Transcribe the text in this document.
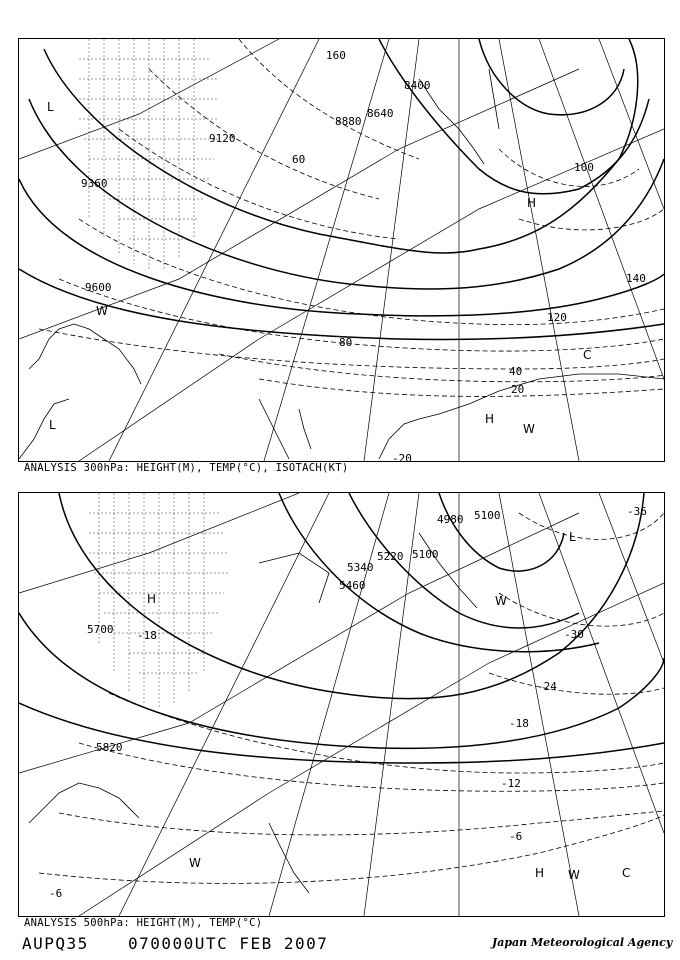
8400
8640
8880
9120
9360
9600
160
100
80
60
40
20
120
140
-20
H
W
H
W
C
L
L
ANALYSIS 300hPa: HEIGHT(M), TEMP(°C), ISOTACH(KT)
4980 5100
5100
5220
5340
5460
5700
5820
-36
-30
-24
-18
-12
-6
-18
-6
H W	C
H	W
W
L
ANALYSIS 500hPa: HEIGHT(M), TEMP(°C)
AUPQ35 070000UTC FEB 2007	Japan Meteorological Agency
